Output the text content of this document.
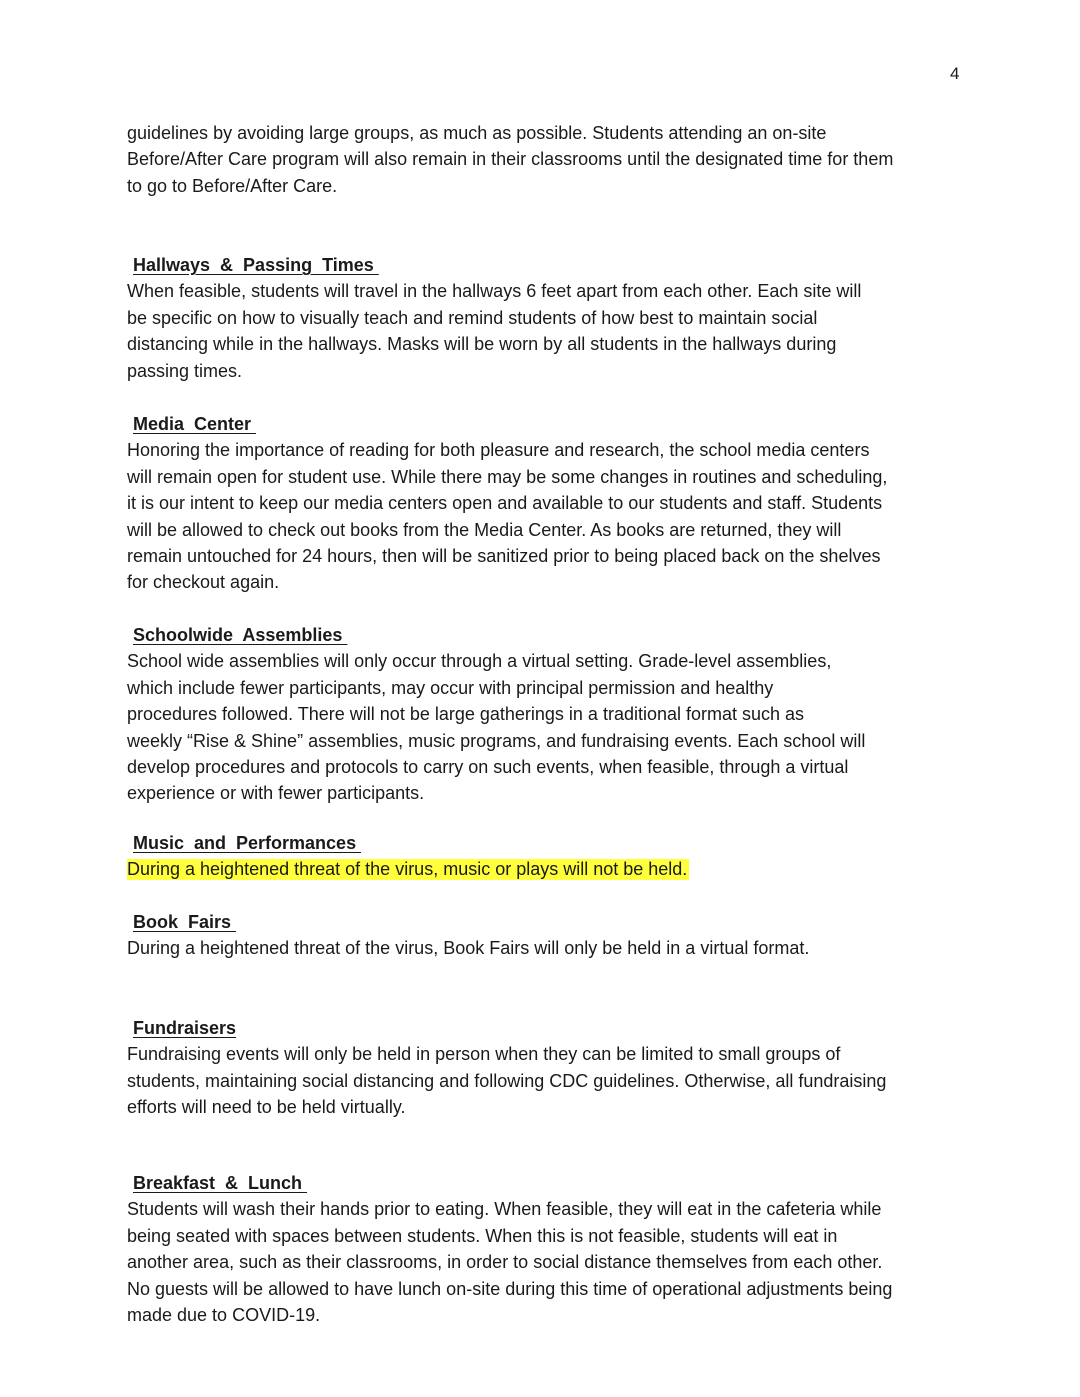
4

guidelines by avoiding large groups, as much as possible. Students attending an on-site
Before/After Care program will also remain in their classrooms until the designated time for them
to go to Before/After Care.

Hallways  &  Passing  Times

When feasible, students will travel in the hallways 6 feet apart from each other. Each site will
be specific on how to visually teach and remind students of how best to maintain social
distancing while in the hallways. Masks will be worn by all students in the hallways during
passing times.

Media  Center

Honoring the importance of reading for both pleasure and research, the school media centers
will remain open for student use. While there may be some changes in routines and scheduling,
it is our intent to keep our media centers open and available to our students and staff. Students
will be allowed to check out books from the Media Center. As books are returned, they will
remain untouched for 24 hours, then will be sanitized prior to being placed back on the shelves
for checkout again.

Schoolwide  Assemblies

School wide assemblies will only occur through a virtual setting. Grade-level assemblies,
which include fewer participants, may occur with principal permission and healthy
procedures followed. There will not be large gatherings in a traditional format such as
weekly “Rise & Shine” assemblies, music programs, and fundraising events. Each school will
develop procedures and protocols to carry on such events, when feasible, through a virtual
experience or with fewer participants.

Music  and  Performances

During a heightened threat of the virus, music or plays will not be held.

Book  Fairs

During a heightened threat of the virus, Book Fairs will only be held in a virtual format.

Fundraisers

Fundraising events will only be held in person when they can be limited to small groups of
students, maintaining social distancing and following CDC guidelines. Otherwise, all fundraising
efforts will need to be held virtually.

Breakfast  &  Lunch

Students will wash their hands prior to eating. When feasible, they will eat in the cafeteria while
being seated with spaces between students. When this is not feasible, students will eat in
another area, such as their classrooms, in order to social distance themselves from each other.
No guests will be allowed to have lunch on-site during this time of operational adjustments being
made due to COVID-19.
